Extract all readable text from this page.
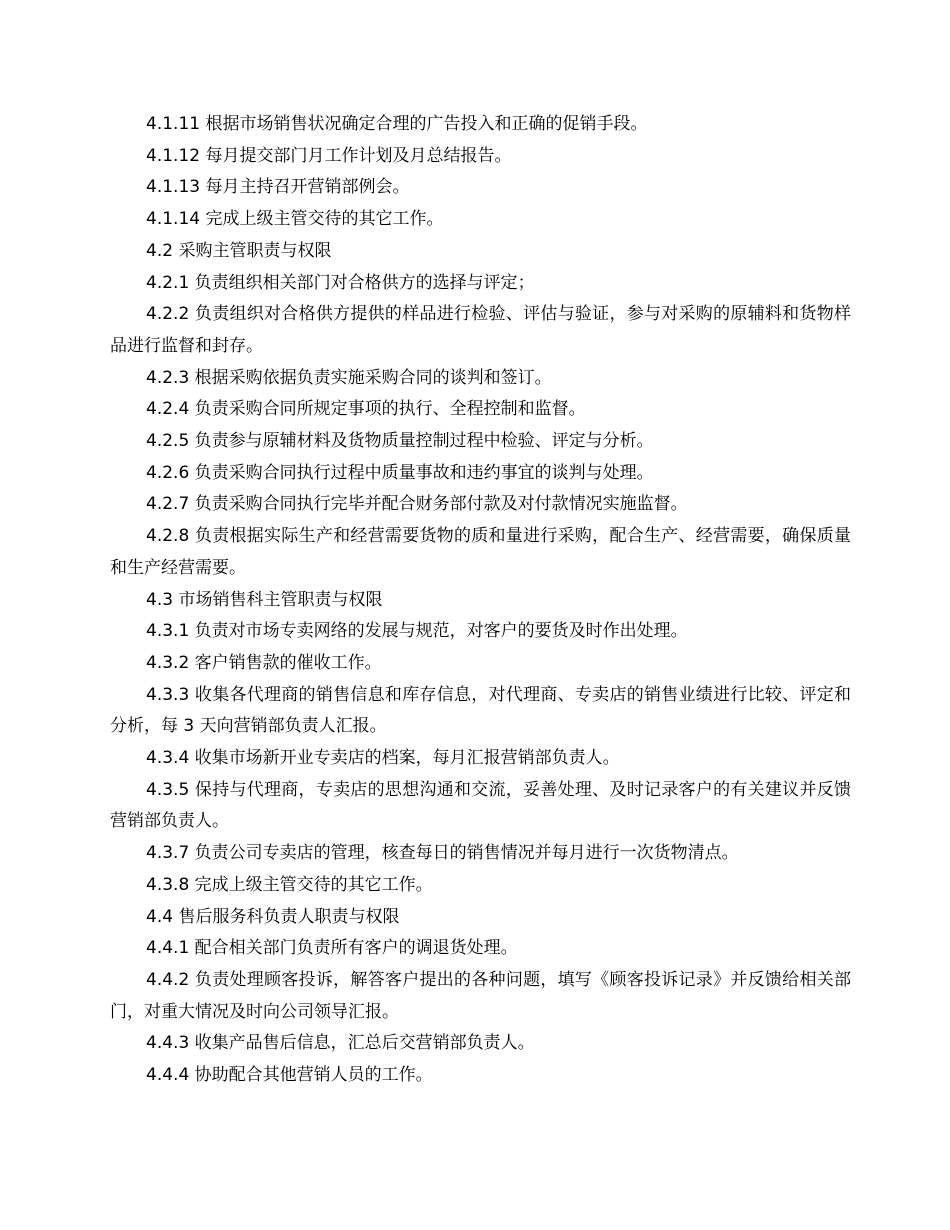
4.1.11 根据市场销售状况确定合理的广告投入和正确的促销手段。

4.1.12 每月提交部门月工作计划及月总结报告。

4.1.13 每月主持召开营销部例会。

4.1.14 完成上级主管交待的其它工作。

4.2 采购主管职责与权限

4.2.1 负责组织相关部门对合格供方的选择与评定；

4.2.2 负责组织对合格供方提供的样品进行检验、评估与验证，参与对采购的原辅料和货物样品进行监督和封存。

4.2.3 根据采购依据负责实施采购合同的谈判和签订。

4.2.4 负责采购合同所规定事项的执行、全程控制和监督。

4.2.5 负责参与原辅材料及货物质量控制过程中检验、评定与分析。

4.2.6 负责采购合同执行过程中质量事故和违约事宜的谈判与处理。

4.2.7 负责采购合同执行完毕并配合财务部付款及对付款情况实施监督。

4.2.8 负责根据实际生产和经营需要货物的质和量进行采购，配合生产、经营需要，确保质量和生产经营需要。

4.3 市场销售科主管职责与权限

4.3.1 负责对市场专卖网络的发展与规范，对客户的要货及时作出处理。

4.3.2 客户销售款的催收工作。

4.3.3 收集各代理商的销售信息和库存信息，对代理商、专卖店的销售业绩进行比较、评定和分析，每 3 天向营销部负责人汇报。

4.3.4 收集市场新开业专卖店的档案，每月汇报营销部负责人。

4.3.5 保持与代理商，专卖店的思想沟通和交流，妥善处理、及时记录客户的有关建议并反馈营销部负责人。

4.3.7 负责公司专卖店的管理，核查每日的销售情况并每月进行一次货物清点。

4.3.8 完成上级主管交待的其它工作。

4.4 售后服务科负责人职责与权限

4.4.1 配合相关部门负责所有客户的调退货处理。

4.4.2 负责处理顾客投诉，解答客户提出的各种问题，填写《顾客投诉记录》并反馈给相关部门，对重大情况及时向公司领导汇报。

4.4.3 收集产品售后信息，汇总后交营销部负责人。

4.4.4 协助配合其他营销人员的工作。
